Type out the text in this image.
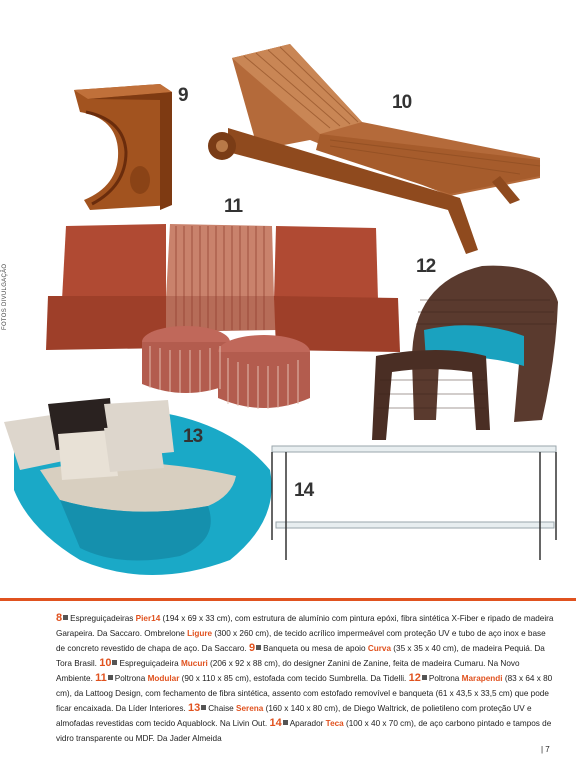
9	10
11
12
13
14
FOTOS DIVULGAÇÃO
8 Espreguiçadeiras Pier14 (194 x 69 x 33 cm), com estrutura de alumínio com pintura epóxi, fibra sintética X-Fiber e ripado de madeira Garapeira. Da Saccaro. Ombrelone Ligure (300 x 260 cm), de tecido acrílico impermeável com proteção UV e tubo de aço inox e base de concreto revestido de chapa de aço. Da Saccaro. 9 Banqueta ou mesa de apoio Curva (35 x 35 x 40 cm), de madeira Pequiá. Da Tora Brasil. 10 Espreguiçadeira Mucuri (206 x 92 x 88 cm), do designer Zanini de Zanine, feita de madeira Cumaru. Na Novo Ambiente. 11 Poltrona Modular (90 x 110 x 85 cm), estofada com tecido Sumbrella. Da Tidelli. 12 Poltrona Marapendi (83 x 64 x 80 cm), da Lattoog Design, com fechamento de fibra sintética, assento com estofado removível e banqueta (61 x 43,5 x 33,5 cm) que pode ficar encaixada. Da Líder Interiores. 13 Chaise Serena (160 x 140 x 80 cm), de Diego Waltrick, de polietileno com proteção UV e almofadas revestidas com tecido Aquablock. Na Livin Out. 14 Aparador Teca (100 x 40 x 70 cm), de aço carbono pintado e tampos de vidro transparente ou MDF. Da Jader Almeida
| 7
